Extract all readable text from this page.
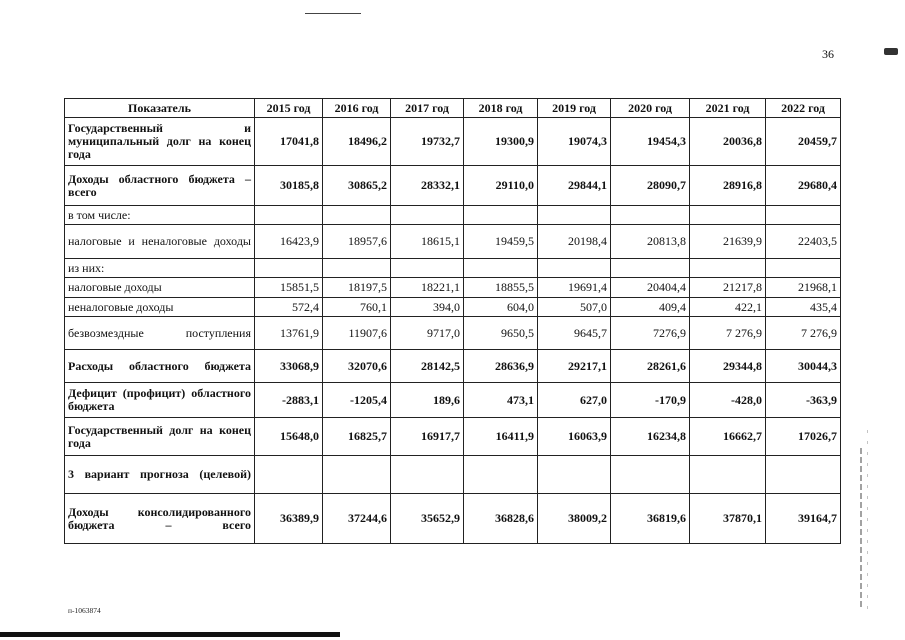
36
Показатель	2015 год	2016 год	2017 год	2018 год	2019 год	2020 год	2021 год	2022 год
Государственный и муниципальный долг на конец года	17041,8	18496,2	19732,7	19300,9	19074,3	19454,3	20036,8	20459,7
Доходы областного бюджета – всего	30185,8	30865,2	28332,1	29110,0	29844,1	28090,7	28916,8	29680,4
в том числе:								
налоговые и неналоговые доходы	16423,9	18957,6	18615,1	19459,5	20198,4	20813,8	21639,9	22403,5
из них:								
налоговые доходы	15851,5	18197,5	18221,1	18855,5	19691,4	20404,4	21217,8	21968,1
неналоговые доходы	572,4	760,1	394,0	604,0	507,0	409,4	422,1	435,4
безвозмездные поступления	13761,9	11907,6	9717,0	9650,5	9645,7	7276,9	7 276,9	7 276,9
Расходы областного бюджета	33068,9	32070,6	28142,5	28636,9	29217,1	28261,6	29344,8	30044,3
Дефицит (профицит) областного бюджета	-2883,1	-1205,4	189,6	473,1	627,0	-170,9	-428,0	-363,9
Государственный долг на конец года	15648,0	16825,7	16917,7	16411,9	16063,9	16234,8	16662,7	17026,7
3 вариант прогноза (целевой)								
Доходы консолидированного бюджета – всего	36389,9	37244,6	35652,9	36828,6	38009,2	36819,6	37870,1	39164,7
п-1063874
